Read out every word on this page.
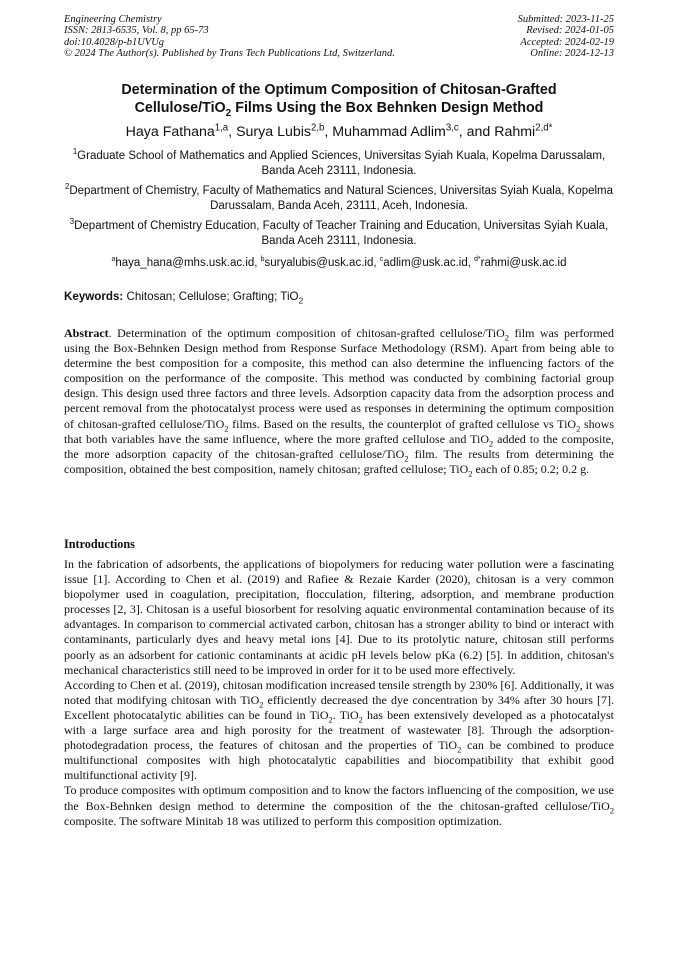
Engineering Chemistry
ISSN: 2813-6535, Vol. 8, pp 65-73
doi:10.4028/p-b1UVUg
© 2024 The Author(s). Published by Trans Tech Publications Ltd, Switzerland.
Submitted: 2023-11-25
Revised: 2024-01-05
Accepted: 2024-02-19
Online: 2024-12-13
Determination of the Optimum Composition of Chitosan-Grafted
Cellulose/TiO$_2$ Films Using the Box Behnken Design Method
Haya Fathana$^{1,a}$, Surya Lubis$^{2,b}$, Muhammad Adlim$^{3,c}$, and Rahmi$^{2,d*}$
$^1$Graduate School of Mathematics and Applied Sciences, Universitas Syiah Kuala, Kopelma Darussalam, Banda Aceh 23111, Indonesia.
$^2$Department of Chemistry, Faculty of Mathematics and Natural Sciences, Universitas Syiah Kuala, Kopelma Darussalam, Banda Aceh, 23111, Aceh, Indonesia.
$^3$Department of Chemistry Education, Faculty of Teacher Training and Education, Universitas Syiah Kuala, Banda Aceh 23111, Indonesia.
$^a$haya_hana@mhs.usk.ac.id, $^b$suryalubis@usk.ac.id, $^c$adlim@usk.ac.id, $^{d*}$rahmi@usk.ac.id
Keywords: Chitosan; Cellulose; Grafting; TiO$_2$
Abstract. Determination of the optimum composition of chitosan-grafted cellulose/TiO$_2$ film was performed using the Box-Behnken Design method from Response Surface Methodology (RSM). Apart from being able to determine the best composition for a composite, this method can also determine the influencing factors of the composition on the performance of the composite. This method was conducted by combining factorial group design. This design used three factors and three levels. Adsorption capacity data from the adsorption process and percent removal from the photocatalyst process were used as responses in determining the optimum composition of chitosan-grafted cellulose/TiO$_2$ films. Based on the results, the counterplot of grafted cellulose vs TiO$_2$ shows that both variables have the same influence, where the more grafted cellulose and TiO$_2$ added to the composite, the more adsorption capacity of the chitosan-grafted cellulose/TiO$_2$ film. The results from determining the composition, obtained the best composition, namely chitosan; grafted cellulose; TiO$_2$ each of 0.85; 0.2; 0.2 g.
Introductions

In the fabrication of adsorbents, the applications of biopolymers for reducing water pollution were a fascinating issue [1]. According to Chen et al. (2019) and Rafiee & Rezaie Karder (2020), chitosan is a very common biopolymer used in coagulation, precipitation, flocculation, filtering, adsorption, and membrane production processes [2, 3]. Chitosan is a useful biosorbent for resolving aquatic environmental contamination because of its advantages. In comparison to commercial activated carbon, chitosan has a stronger ability to bind or interact with contaminants, particularly dyes and heavy metal ions [4]. Due to its protolytic nature, chitosan still performs poorly as an adsorbent for cationic contaminants at acidic pH levels below pKa (6.2) [5]. In addition, chitosan's mechanical characteristics still need to be improved in order for it to be used more effectively.

According to Chen et al. (2019), chitosan modification increased tensile strength by 230% [6]. Additionally, it was noted that modifying chitosan with TiO$_2$ efficiently decreased the dye concentration by 34% after 30 hours [7]. Excellent photocatalytic abilities can be found in TiO$_2$. TiO$_2$ has been extensively developed as a photocatalyst with a large surface area and high porosity for the treatment of wastewater [8]. Through the adsorption-photodegradation process, the features of chitosan and the properties of TiO$_2$ can be combined to produce multifunctional composites with high photocatalytic capabilities and biocompatibility that exhibit good multifunctional activity [9].

To produce composites with optimum composition and to know the factors influencing of the composition, we use the Box-Behnken design method to determine the composition of the the chitosan-grafted cellulose/TiO$_2$ composite. The software Minitab 18 was utilized to perform this composition optimization.
